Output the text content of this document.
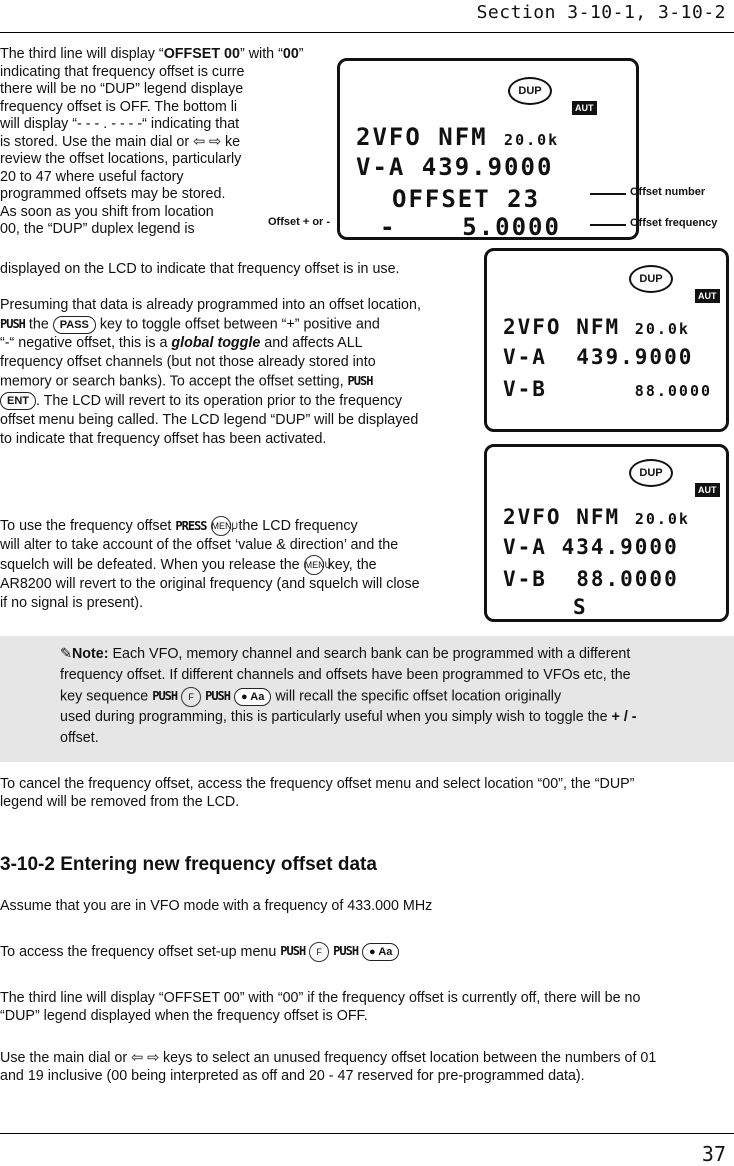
Section 3-10-1, 3-10-2
The third line will display “OFFSET 00” with “00”
indicating that frequency offset is curre
there will be no “DUP” legend displaye
frequency offset is OFF. The bottom li
will display “- - - . - - - -“ indicating that
is stored. Use the main dial or ⇦ ⇨ ke
review the offset locations, particularly
20 to 47 where useful factory
programmed offsets may be stored.
As soon as you shift from location
00, the “DUP” duplex legend is
displayed on the LCD to indicate that frequency offset is in use.
DUP
AUT
2VFO NFM 20.0k
V-A 439.9000
OFFSET 23
-    5.0000
Offset number
Offset frequency
Offset + or -
DUP
AUT
2VFO NFM 20.0k
V-A  439.9000
V-B	88.0000
DUP
AUT
2VFO NFM 20.0k
V-A 434.9000
V-B  88.0000
S
Presuming that data is already programmed into an offset location,
PUSH the PASS key to toggle offset between “+” positive and
“-“ negative offset, this is a global toggle and affects ALL
frequency offset channels (but not those already stored into
memory or search banks). To accept the offset setting, PUSH
ENT . The LCD will revert to its operation prior to the frequency
offset menu being called. The LCD legend “DUP” will be displayed
to indicate that frequency offset has been activated.
To use the frequency offset PRESS MENU, the LCD frequency
will alter to take account of the offset ‘value & direction’ and the
squelch will be defeated. When you release the MENU key, the
AR8200 will revert to the original frequency (and squelch will close
if no signal is present).
✎Note: Each VFO, memory channel and search bank can be programmed with a different
frequency offset. If different channels and offsets have been programmed to VFOs etc, the
key sequence PUSH F PUSH ● Aa will recall the specific offset location originally
used during programming, this is particularly useful when you simply wish to toggle the + / -
offset.
To cancel the frequency offset, access the frequency offset menu and select location “00”, the “DUP”
legend will be removed from the LCD.
3-10-2 Entering new frequency offset data
Assume that you are in VFO mode with a frequency of 433.000 MHz
To access the frequency offset set-up menu PUSH F PUSH ● Aa
The third line will display “OFFSET 00” with “00” if the frequency offset is currently off, there will be no
“DUP” legend displayed when the frequency offset is OFF.
Use the main dial or ⇦ ⇨ keys to select an unused frequency offset location between the numbers of 01
and 19 inclusive (00 being interpreted as off and 20 - 47 reserved for pre-programmed data).
37
